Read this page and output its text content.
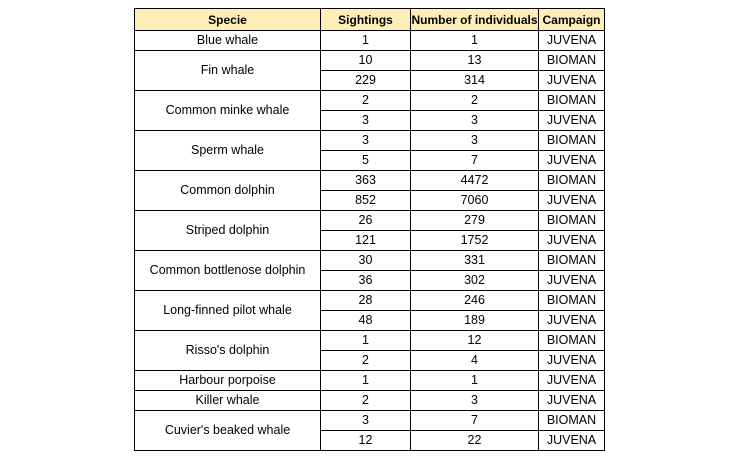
Specie	Sightings	Number of individuals	Campaign
Blue whale	1	1	JUVENA
Fin whale	10	13	BIOMAN
	229	314	JUVENA
Common minke whale	2	2	BIOMAN
	3	3	JUVENA
Sperm whale	3	3	BIOMAN
	5	7	JUVENA
Common dolphin	363	4472	BIOMAN
	852	7060	JUVENA
Striped dolphin	26	279	BIOMAN
	121	1752	JUVENA
Common bottlenose dolphin	30	331	BIOMAN
	36	302	JUVENA
Long-finned pilot whale	28	246	BIOMAN
	48	189	JUVENA
Risso's dolphin	1	12	BIOMAN
	2	4	JUVENA
Harbour porpoise	1	1	JUVENA
Killer whale	2	3	JUVENA
Cuvier's beaked whale	3	7	BIOMAN
	12	22	JUVENA
